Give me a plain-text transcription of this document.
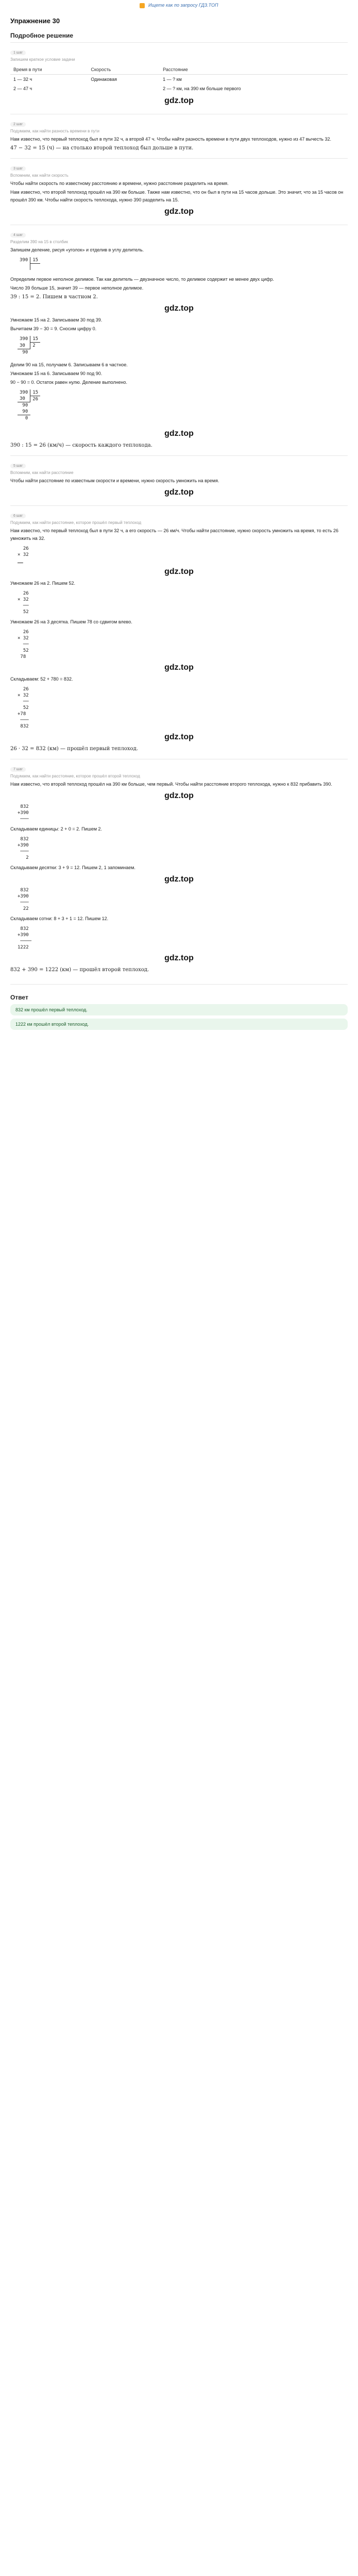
Ищете как по запросу ГДЗ.ТОП
Упражнение 30
Подробное решение
1 шаг
Запишем краткое условие задачи
Время в пути	Скорость	Расстояние
1 — 32 ч	Одинаковая	1 — ? км
2 — 47 ч		2 — ? км, на 390 км больше первого
gdz.top
2 шаг
Подумаем, как найти разность времени в пути
Нам известно, что первый теплоход был в пути 32 ч, а второй 47 ч. Чтобы найти разность времени в пути двух теплоходов, нужно из 47 вычесть 32.
47 − 32 = 15 (ч) — на столько второй теплоход был дольше в пути.
3 шаг
Вспомним, как найти скорость
Чтобы найти скорость по известному расстоянию и времени, нужно расстояние разделить на время.
Нам известно, что второй теплоход прошёл на 390 км больше. Также нам известно, что он был в пути на 15 часов дольше. Это значит, что за 15 часов он прошёл 390 км. Чтобы найти скорость теплохода, нужно 390 разделить на 15.
gdz.top
4 шаг
Разделим 390 на 15 в столбик
Запишем деление, рисуя «уголок» и отделив в углу делитель.
390	15

Определим первое неполное делимое. Так как делитель — двузначное число, то делимое содержит не менее двух цифр.
Число 39 больше 15, значит 39 — первое неполное делимое.
39 : 15 = 2. Пишем в частном 2.
gdz.top
Умножаем 15 на 2. Записываем 30 под 39.
Вычитаем 39 − 30 = 9. Сносим цифру 0.
390	15
30	2
90	
Делим 90 на 15, получаем 6. Записываем 6 в частное.
Умножаем 15 на 6. Записываем 90 под 90.
90 − 90 = 0. Остаток равен нулю. Деление выполнено.
390	15
30	26
90	
90	
0	
gdz.top
390 : 15 = 26 (км/ч) — скорость каждого теплохода.
5 шаг
Вспомним, как найти расстояние
Чтобы найти расстояние по известным скорости и времени, нужно скорость умножить на время.
gdz.top
6 шаг
Подумаем, как найти расстояние, которое прошёл первый теплоход
Нам известно, что первый теплоход был в пути 32 ч, а его скорость — 26 км/ч. Чтобы найти расстояние, нужно скорость умножить на время, то есть 26 умножить на 32.
26
× 32

gdz.top
Умножаем 26 на 2. Пишем 52.
26
× 32
──
52
Умножаем 26 на 3 десятка. Пишем 78 со сдвигом влево.
26
× 32
──
52
78
gdz.top
Складываем: 52 + 780 = 832.
26
× 32
──
52
+78
───
832
gdz.top
26 · 32 = 832 (км) — прошёл первый теплоход.
7 шаг
Подумаем, как найти расстояние, которое прошёл второй теплоход
Нам известно, что второй теплоход прошёл на 390 км больше, чем первый. Чтобы найти расстояние второго теплохода, нужно к 832 прибавить 390.
gdz.top
832
+390
───
Складываем единицы: 2 + 0 = 2. Пишем 2.
832
+390
───
2
Складываем десятки: 3 + 9 = 12. Пишем 2, 1 запоминаем.
gdz.top
832
+390
───
22
Складываем сотни: 8 + 3 + 1 = 12. Пишем 12.
832
+390
────
1222
gdz.top
832 + 390 = 1222 (км) — прошёл второй теплоход.
Ответ
832 км прошёл первый теплоход.
1222 км прошёл второй теплоход.
